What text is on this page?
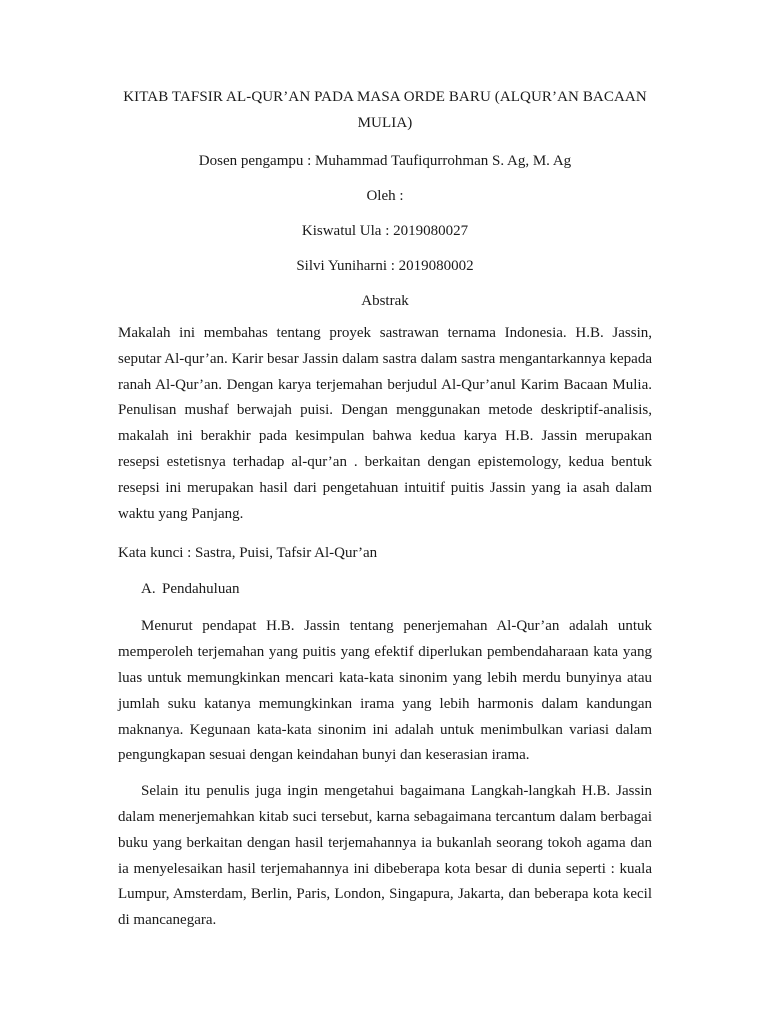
KITAB TAFSIR AL-QUR’AN PADA MASA ORDE BARU (ALQUR’AN BACAAN MULIA)

Dosen pengampu : Muhammad Taufiqurrohman S. Ag, M. Ag

Oleh :

Kiswatul Ula : 2019080027

Silvi Yuniharni : 2019080002

Abstrak

Makalah ini membahas tentang proyek sastrawan ternama Indonesia. H.B. Jassin, seputar Al-qur’an. Karir besar Jassin dalam sastra dalam sastra mengantarkannya kepada ranah Al-Qur’an. Dengan karya terjemahan berjudul Al-Qur’anul Karim Bacaan Mulia. Penulisan mushaf berwajah puisi. Dengan menggunakan metode deskriptif-analisis, makalah ini berakhir pada kesimpulan bahwa kedua karya H.B. Jassin merupakan resepsi estetisnya terhadap al-qur’an . berkaitan dengan epistemology, kedua bentuk resepsi ini merupakan hasil dari pengetahuan intuitif puitis Jassin yang ia asah dalam waktu yang Panjang.

Kata kunci : Sastra, Puisi, Tafsir Al-Qur’an

A. Pendahuluan

Menurut pendapat H.B. Jassin tentang penerjemahan Al-Qur’an adalah untuk memperoleh terjemahan yang puitis yang efektif diperlukan pembendaharaan kata yang luas untuk memungkinkan mencari kata-kata sinonim yang lebih merdu bunyinya atau jumlah suku katanya memungkinkan irama yang lebih harmonis dalam kandungan maknanya. Kegunaan kata-kata sinonim ini adalah untuk menimbulkan variasi dalam pengungkapan sesuai dengan keindahan bunyi dan keserasian irama.

Selain itu penulis juga ingin mengetahui bagaimana Langkah-langkah H.B. Jassin dalam menerjemahkan kitab suci tersebut, karna sebagaimana tercantum dalam berbagai buku yang berkaitan dengan hasil terjemahannya ia bukanlah seorang tokoh agama dan ia menyelesaikan hasil terjemahannya ini dibeberapa kota besar di dunia seperti : kuala Lumpur, Amsterdam, Berlin, Paris, London, Singapura, Jakarta, dan beberapa kota kecil di mancanegara.
